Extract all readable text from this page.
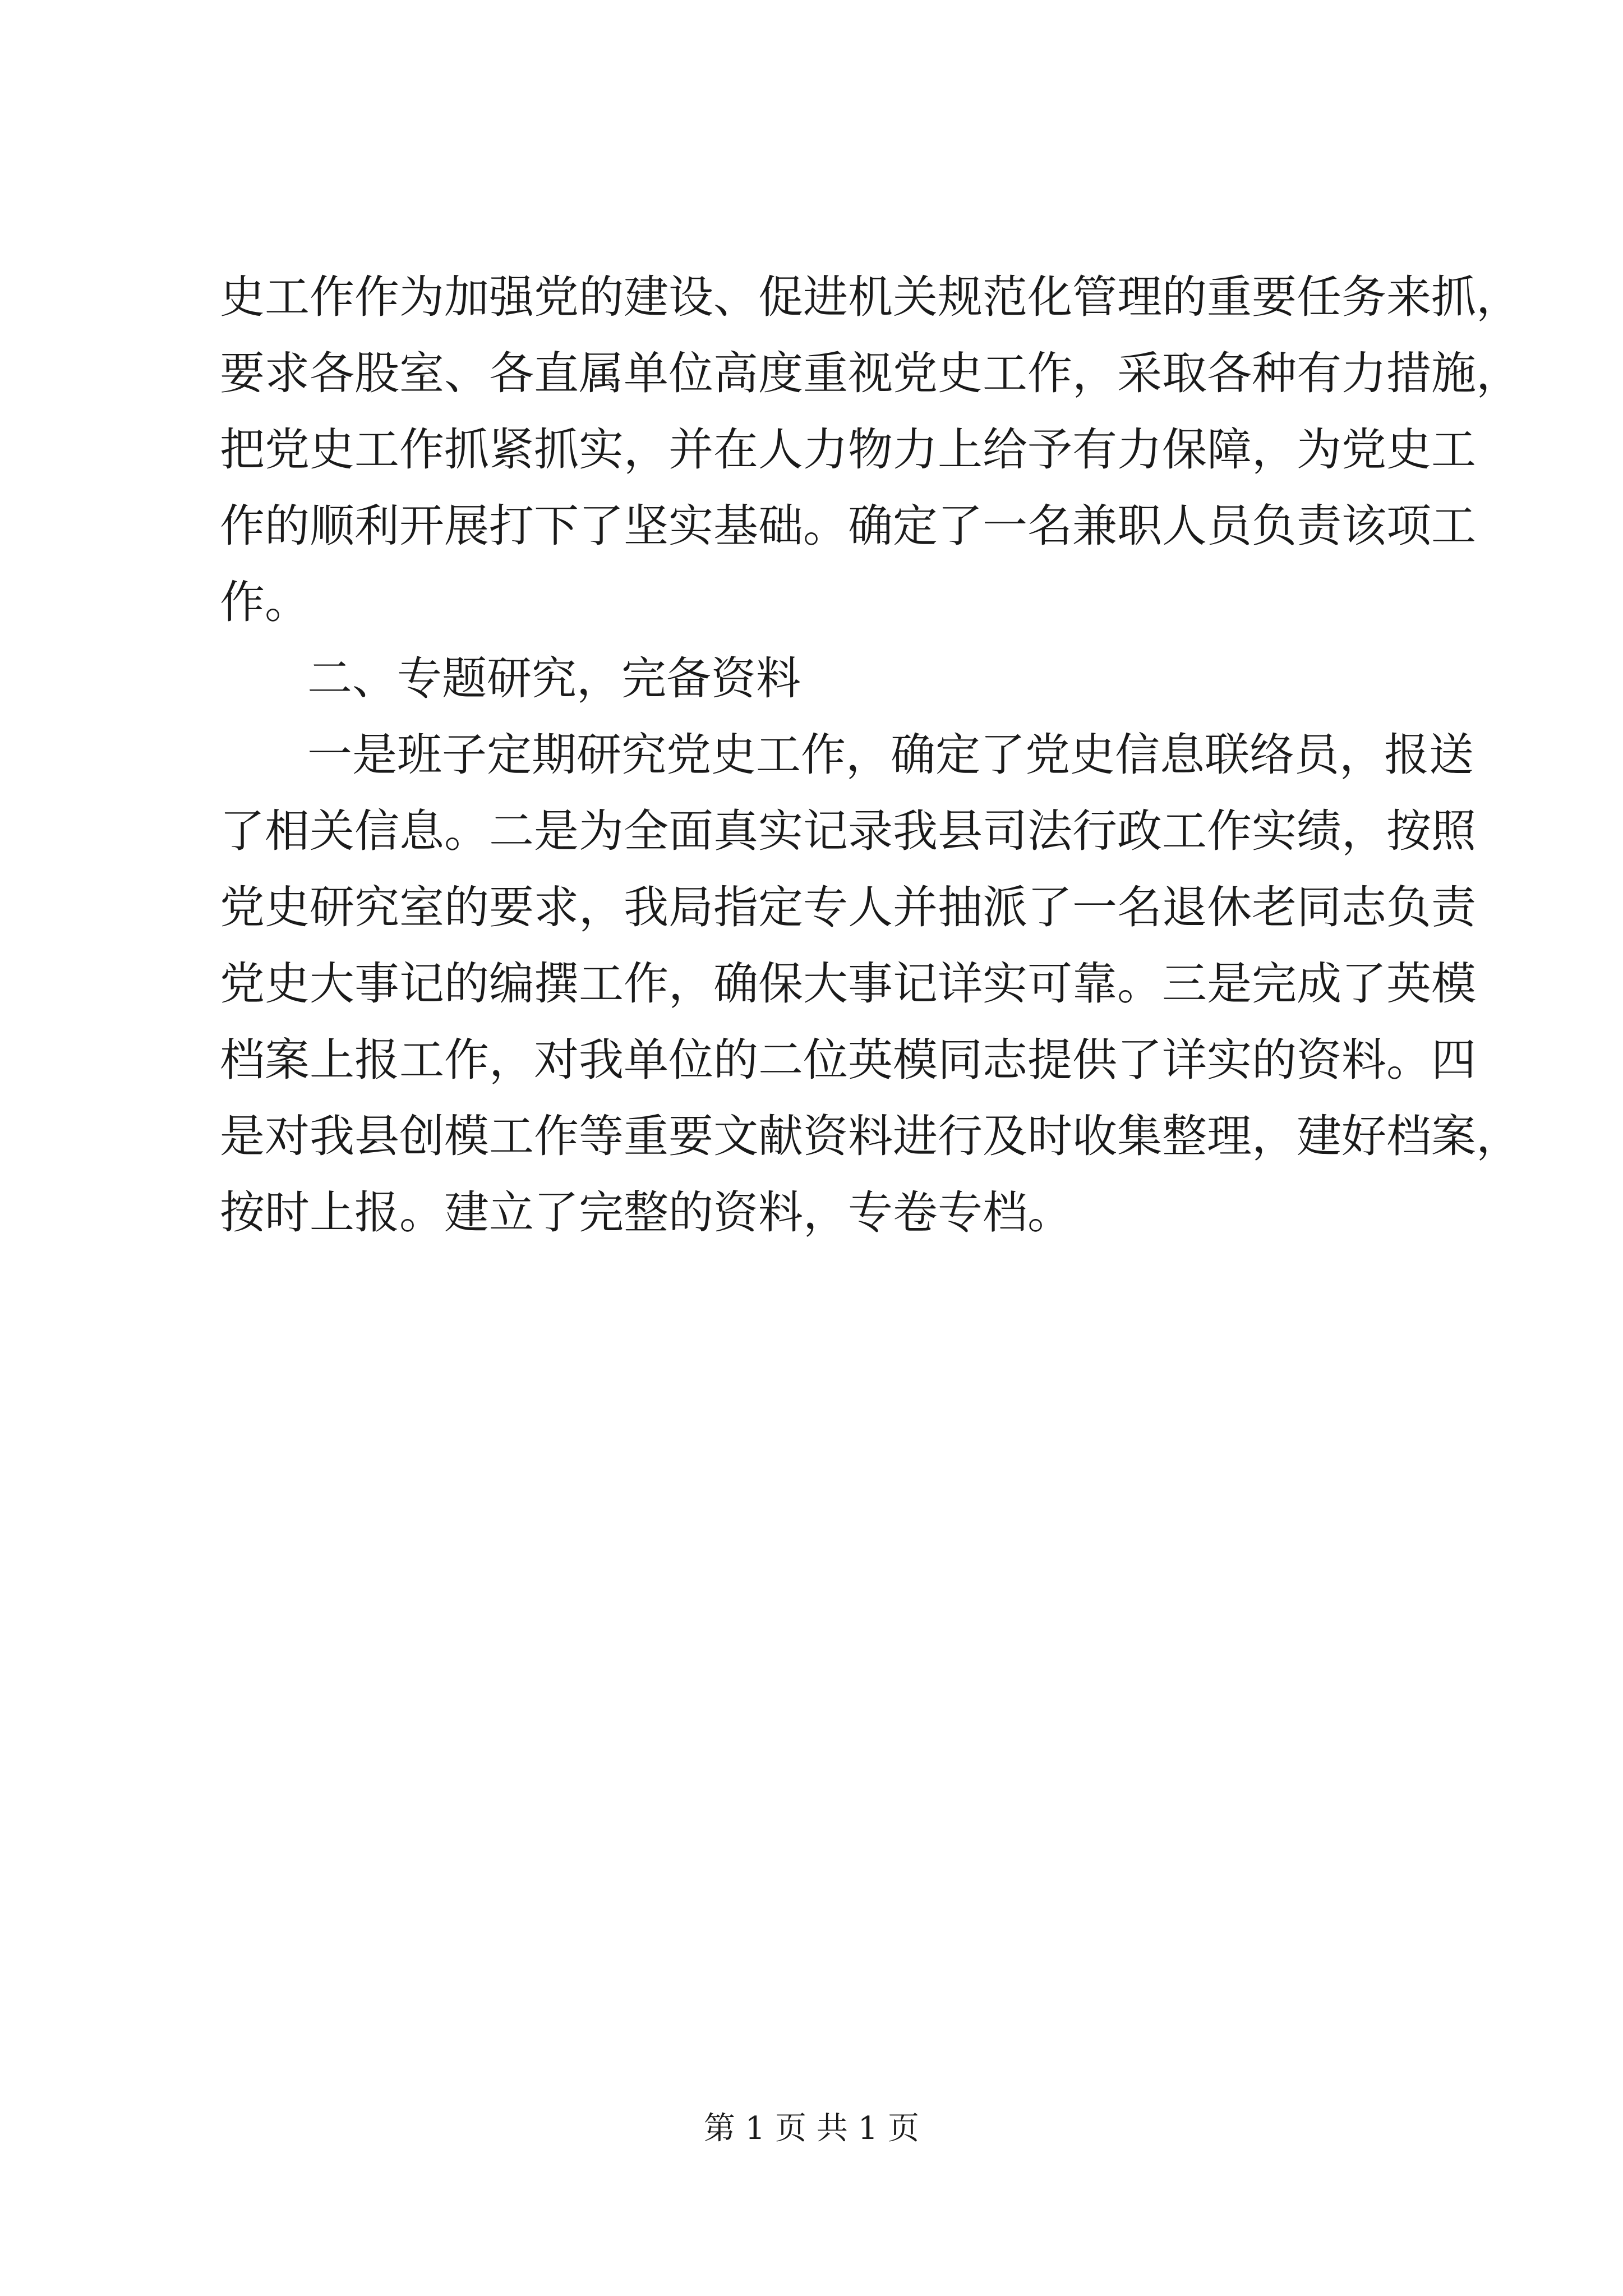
史工作作为加强党的建设、促进机关规范化管理的重要任务来抓，
要求各股室、各直属单位高度重视党史工作，采取各种有力措施，
把党史工作抓紧抓实，并在人力物力上给予有力保障，为党史工
作的顺利开展打下了坚实基础。确定了一名兼职人员负责该项工
作。
二、专题研究，完备资料
一是班子定期研究党史工作，确定了党史信息联络员，报送
了相关信息。二是为全面真实记录我县司法行政工作实绩，按照
党史研究室的要求，我局指定专人并抽派了一名退休老同志负责
党史大事记的编撰工作，确保大事记详实可靠。三是完成了英模
档案上报工作，对我单位的二位英模同志提供了详实的资料。四
是对我县创模工作等重要文献资料进行及时收集整理，建好档案，
按时上报。建立了完整的资料，专卷专档。
第 1 页 共 1 页
